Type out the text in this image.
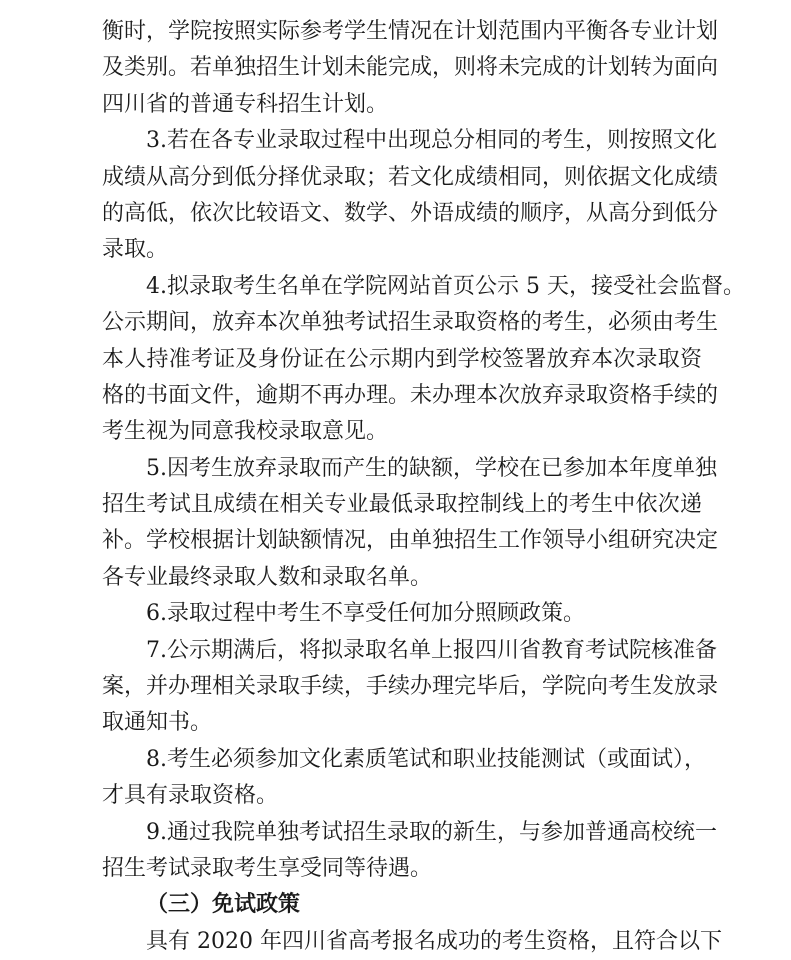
衡时，学院按照实际参考学生情况在计划范围内平衡各专业计划
及类别。若单独招生计划未能完成，则将未完成的计划转为面向
四川省的普通专科招生计划。
3.若在各专业录取过程中出现总分相同的考生，则按照文化
成绩从高分到低分择优录取；若文化成绩相同，则依据文化成绩
的高低，依次比较语文、数学、外语成绩的顺序，从高分到低分
录取。
4.拟录取考生名单在学院网站首页公示 5 天，接受社会监督。
公示期间，放弃本次单独考试招生录取资格的考生，必须由考生
本人持准考证及身份证在公示期内到学校签署放弃本次录取资
格的书面文件，逾期不再办理。未办理本次放弃录取资格手续的
考生视为同意我校录取意见。
5.因考生放弃录取而产生的缺额，学校在已参加本年度单独
招生考试且成绩在相关专业最低录取控制线上的考生中依次递
补。学校根据计划缺额情况，由单独招生工作领导小组研究决定
各专业最终录取人数和录取名单。
6.录取过程中考生不享受任何加分照顾政策。
7.公示期满后，将拟录取名单上报四川省教育考试院核准备
案，并办理相关录取手续，手续办理完毕后，学院向考生发放录
取通知书。
8.考生必须参加文化素质笔试和职业技能测试（或面试），
才具有录取资格。
9.通过我院单独考试招生录取的新生，与参加普通高校统一
招生考试录取考生享受同等待遇。
（三）免试政策
具有 2020 年四川省高考报名成功的考生资格，且符合以下
